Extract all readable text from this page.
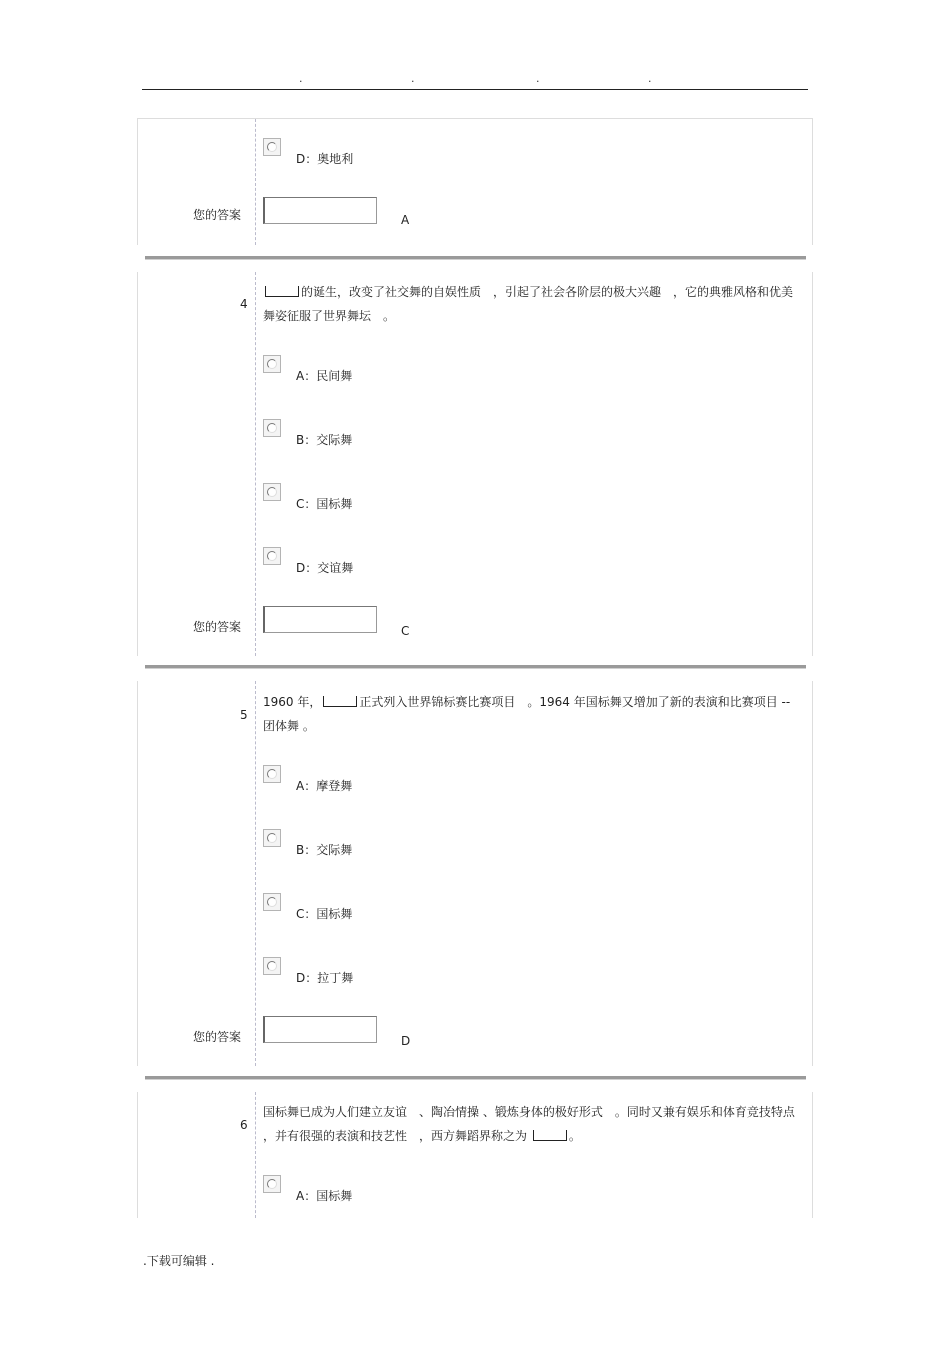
.	.	.	.
D：奥地利
您的答案	A
4
的诞生，改变了社交舞的自娱性质　，引起了社会各阶层的极大兴趣　，它的典雅风格和优美舞姿征服了世界舞坛　。
A：民间舞
B：交际舞
C：国标舞
D：交谊舞
您的答案	C
5
1960 年，	正式列入世界锦标赛比赛项目　。1964 年国标舞又增加了新的表演和比赛项目 -- 团体舞 。
A：摩登舞
B：交际舞
C：国标舞
D：拉丁舞
您的答案	D
6
国标舞已成为人们建立友谊　、陶冶情操 、锻炼身体的极好形式　。同时又兼有娱乐和体育竞技特点 ，并有很强的表演和技艺性　，西方舞蹈界称之为	。
A：国标舞
.下载可编辑 .
